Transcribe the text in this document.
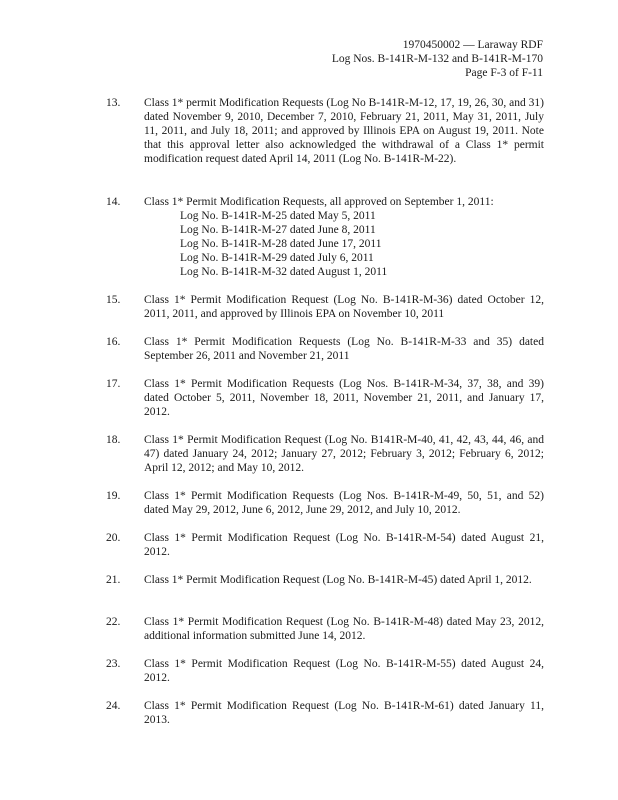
1970450002 — Laraway RDF
Log Nos. B-141R-M-132 and B-141R-M-170
Page F-3 of F-11
13.	Class 1* permit Modification Requests (Log No B-141R-M-12, 17, 19, 26, 30, and 31) dated November 9, 2010, December 7, 2010, February 21, 2011, May 31, 2011, July 11, 2011, and July 18, 2011; and approved by Illinois EPA on August 19, 2011. Note that this approval letter also acknowledged the withdrawal of a Class 1* permit modification request dated April 14, 2011 (Log No. B-141R-M-22).
14.	Class 1* Permit Modification Requests, all approved on September 1, 2011:
Log No. B-141R-M-25 dated May 5, 2011
Log No. B-141R-M-27 dated June 8, 2011
Log No. B-141R-M-28 dated June 17, 2011
Log No. B-141R-M-29 dated July 6, 2011
Log No. B-141R-M-32 dated August 1, 2011
15.	Class 1* Permit Modification Request (Log No. B-141R-M-36) dated October 12, 2011, 2011, and approved by Illinois EPA on November 10, 2011
16.	Class 1* Permit Modification Requests (Log No. B-141R-M-33 and 35) dated September 26, 2011 and November 21, 2011
17.	Class 1* Permit Modification Requests (Log Nos. B-141R-M-34, 37, 38, and 39) dated October 5, 2011, November 18, 2011, November 21, 2011, and January 17, 2012.
18.	Class 1* Permit Modification Request (Log No. B141R-M-40, 41, 42, 43, 44, 46, and 47) dated January 24, 2012; January 27, 2012; February 3, 2012; February 6, 2012; April 12, 2012; and May 10, 2012.
19.	Class 1* Permit Modification Requests (Log Nos. B-141R-M-49, 50, 51, and 52) dated May 29, 2012, June 6, 2012, June 29, 2012, and July 10, 2012.
20.	Class 1* Permit Modification Request (Log No. B-141R-M-54) dated August 21, 2012.
21.	Class 1* Permit Modification Request (Log No. B-141R-M-45) dated April 1, 2012.
22.	Class 1* Permit Modification Request (Log No. B-141R-M-48) dated May 23, 2012, additional information submitted June 14, 2012.
23.	Class 1* Permit Modification Request (Log No. B-141R-M-55) dated August 24, 2012.
24.	Class 1* Permit Modification Request (Log No. B-141R-M-61) dated January 11, 2013.
